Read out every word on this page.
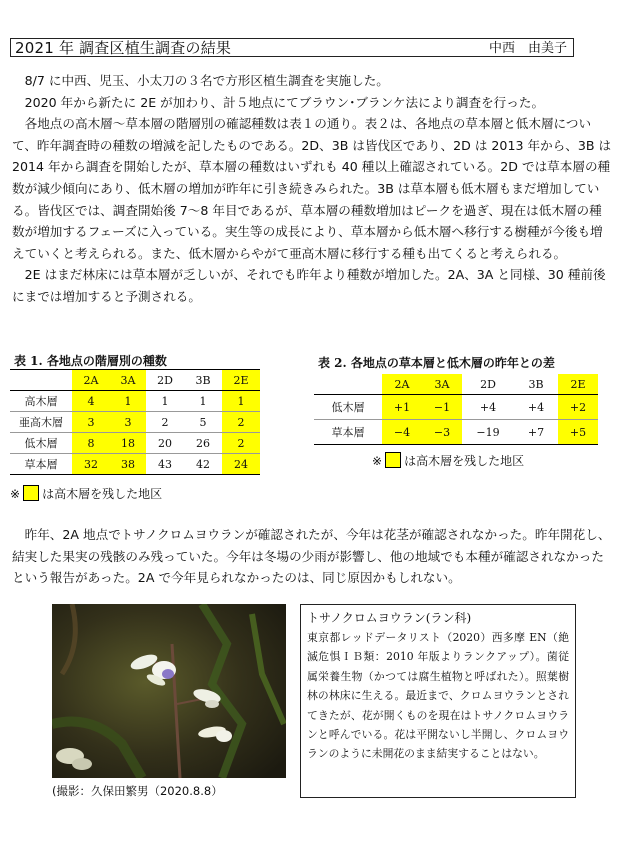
2021 年 調査区植生調査の結果	中西　由美子

8/7 に中西、児玉、小太刀の３名で方形区植生調査を実施した。

2020 年から新たに 2E が加わり、計５地点にてブラウン･ブランケ法により調査を行った。

各地点の高木層～草本層の階層別の確認種数は表１の通り。表２は、各地点の草本層と低木層について、昨年調査時の種数の増減を記したものである。2D、3B は皆伐区であり、2D は 2013 年から、3B は 2014 年から調査を開始したが、草本層の種数はいずれも 40 種以上確認されている。2D では草本層の種数が減少傾向にあり、低木層の増加が昨年に引き続きみられた。3B は草本層も低木層もまだ増加している。皆伐区では、調査開始後 7～8 年目であるが、草本層の種数増加はピークを過ぎ、現在は低木層の種数が増加するフェーズに入っている。実生等の成長により、草本層から低木層へ移行する樹種が今後も増えていくと考えられる。また、低木層からやがて亜高木層に移行する種も出てくると考えられる。

2E はまだ林床には草本層が乏しいが、それでも昨年より種数が増加した。2A、3A と同様、30 種前後にまでは増加すると予測される。

表 1. 各地点の階層別の種数
	2A	3A	2D	3B	2E
高木層	4	1	1	1	1
亜高木層	3	3	2	5	2
低木層	8	18	20	26	2
草本層	32	38	43	42	24
※ は高木層を残した地区
表 2. 各地点の草本層と低木層の昨年との差
	2A	3A	2D	3B	2E
低木層	+1	−1	+4	+4	+2
草本層	−4	−3	−19	+7	+5
※ は高木層を残した地区

昨年、2A 地点でトサノクロムヨウランが確認されたが、今年は花茎が確認されなかった。昨年開花し、結実した果実の残骸のみ残っていた。今年は冬場の少雨が影響し、他の地域でも本種が確認されなかったという報告があった。2A で今年見られなかったのは、同じ原因かもしれない。

(撮影：久保田繁男（2020.8.8）
トサノクロムヨウラン(ラン科)
東京都レッドデータリスト（2020）西多摩 EN（絶滅危惧ＩＢ類：2010 年版よりランクアップ）。菌従属栄養生物（かつては腐生植物と呼ばれた）。照葉樹林の林床に生える。最近まで、クロムヨウランとされてきたが、花が開くものを現在はトサノクロムヨウランと呼んでいる。花は平開ないし半開し、クロムヨウランのように未開花のまま結実することはない。
